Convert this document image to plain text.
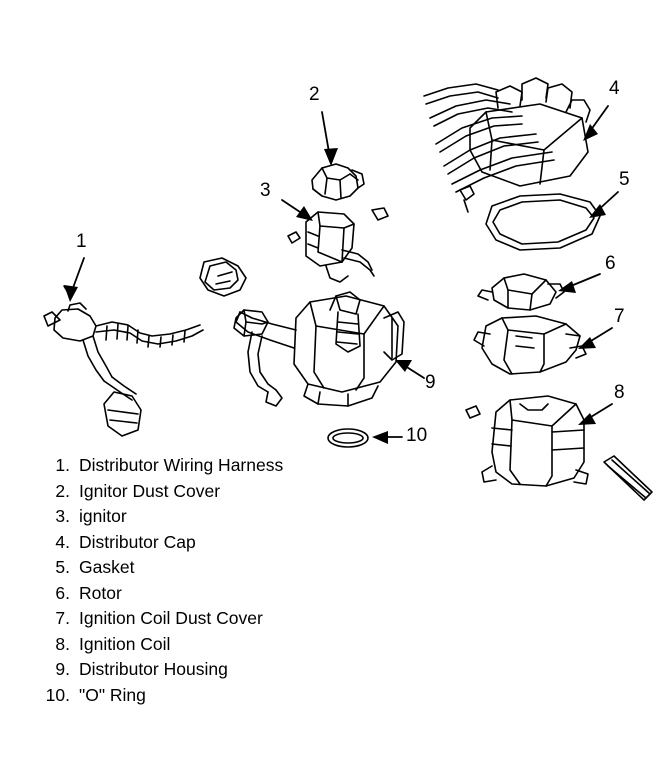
1
2
3
4
5
6
7
8
9
10
1. Distributor Wiring Harness
2. Ignitor Dust Cover
3. ignitor
4. Distributor Cap
5. Gasket
6. Rotor
7. Ignition Coil Dust Cover
8. Ignition Coil
9. Distributor Housing
10. "O" Ring
